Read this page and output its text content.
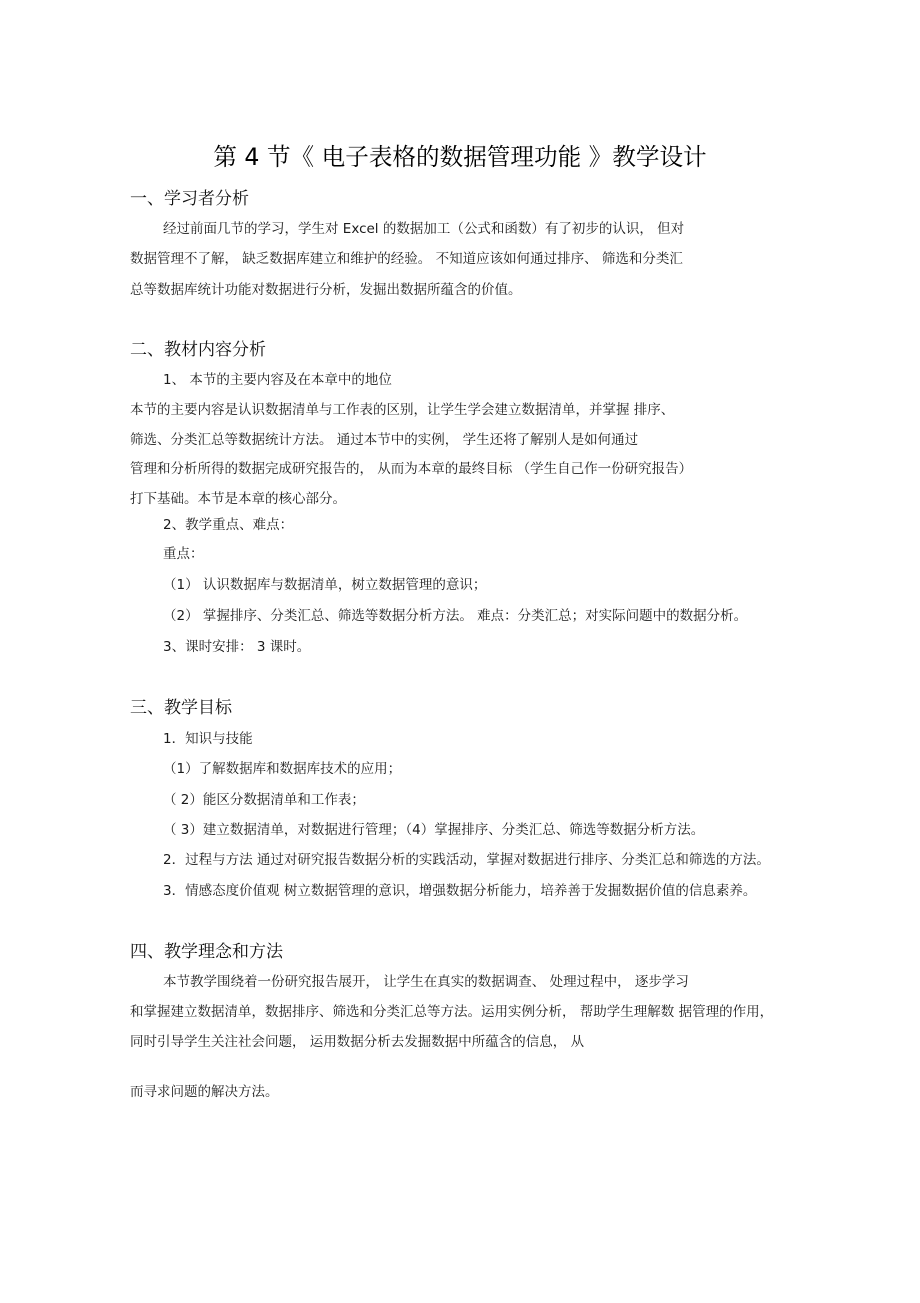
第 4 节《 电子表格的数据管理功能 》教学设计
一、学习者分析
经过前面几节的学习，学生对 Excel 的数据加工（公式和函数）有了初步的认识， 但对
数据管理不了解， 缺乏数据库建立和维护的经验。 不知道应该如何通过排序、 筛选和分类汇
总等数据库统计功能对数据进行分析，发掘出数据所蕴含的价值。
二、教材内容分析
1、 本节的主要内容及在本章中的地位
本节的主要内容是认识数据清单与工作表的区别，让学生学会建立数据清单，并掌握 排序、
筛选、分类汇总等数据统计方法。 通过本节中的实例， 学生还将了解别人是如何通过
管理和分析所得的数据完成研究报告的， 从而为本章的最终目标 （学生自己作一份研究报告）
打下基础。本节是本章的核心部分。
2、教学重点、难点：
重点：
（1） 认识数据库与数据清单，树立数据管理的意识；
（2） 掌握排序、分类汇总、筛选等数据分析方法。 难点：分类汇总；对实际问题中的数据分析。
3、课时安排： 3 课时。
三、教学目标
1．知识与技能
（1）了解数据库和数据库技术的应用；
（ 2）能区分数据清单和工作表；
（ 3）建立数据清单，对数据进行管理；（4）掌握排序、分类汇总、筛选等数据分析方法。
2．过程与方法 通过对研究报告数据分析的实践活动，掌握对数据进行排序、分类汇总和筛选的方法。
3．情感态度价值观 树立数据管理的意识，增强数据分析能力，培养善于发掘数据价值的信息素养。
四、教学理念和方法
本节教学围绕着一份研究报告展开， 让学生在真实的数据调查、 处理过程中， 逐步学习
和掌握建立数据清单，数据排序、筛选和分类汇总等方法。运用实例分析， 帮助学生理解数 据管理的作用，
同时引导学生关注社会问题， 运用数据分析去发掘数据中所蕴含的信息， 从
而寻求问题的解决方法。
